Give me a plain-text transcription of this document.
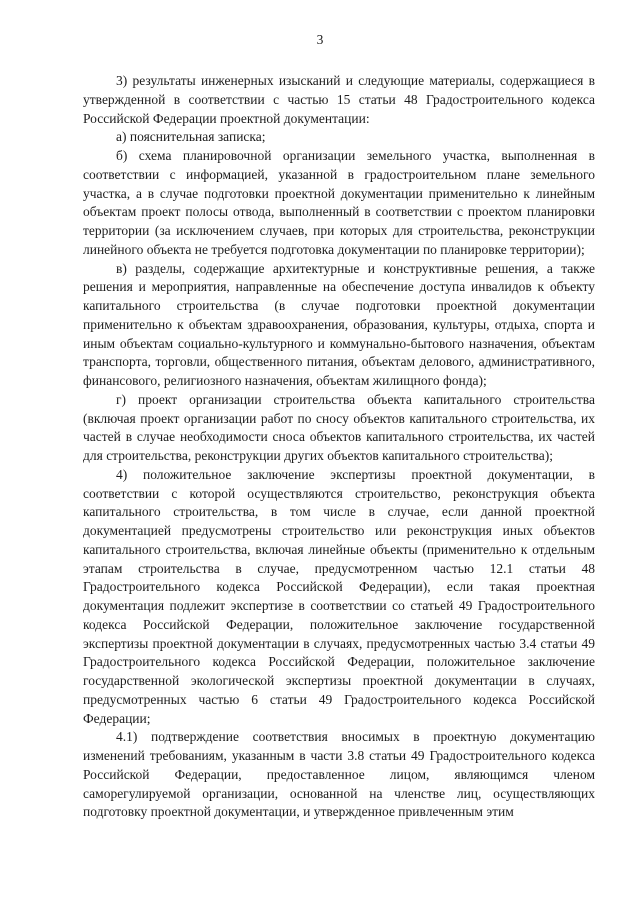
3

3) результаты инженерных изысканий и следующие материалы, содержащиеся в утвержденной в соответствии с частью 15 статьи 48 Градостроительного кодекса Российской Федерации проектной документации:

а) пояснительная записка;

б) схема планировочной организации земельного участка, выполненная в соответствии с информацией, указанной в градостроительном плане земельного участка, а в случае подготовки проектной документации применительно к линейным объектам проект полосы отвода, выполненный в соответствии с проектом планировки территории (за исключением случаев, при которых для строительства, реконструкции линейного объекта не требуется подготовка документации по планировке территории);

в) разделы, содержащие архитектурные и конструктивные решения, а также решения и мероприятия, направленные на обеспечение доступа инвалидов к объекту капитального строительства (в случае подготовки проектной документации применительно к объектам здравоохранения, образования, культуры, отдыха, спорта и иным объектам социально-культурного и коммунально-бытового назначения, объектам транспорта, торговли, общественного питания, объектам делового, административного, финансового, религиозного назначения, объектам жилищного фонда);

г) проект организации строительства объекта капитального строительства (включая проект организации работ по сносу объектов капитального строительства, их частей в случае необходимости сноса объектов капитального строительства, их частей для строительства, реконструкции других объектов капитального строительства);

4) положительное заключение экспертизы проектной документации, в соответствии с которой осуществляются строительство, реконструкция объекта капитального строительства, в том числе в случае, если данной проектной документацией предусмотрены строительство или реконструкция иных объектов капитального строительства, включая линейные объекты (применительно к отдельным этапам строительства в случае, предусмотренном частью 12.1 статьи 48 Градостроительного кодекса Российской Федерации), если такая проектная документация подлежит экспертизе в соответствии со статьей 49 Градостроительного кодекса Российской Федерации, положительное заключение государственной экспертизы проектной документации в случаях, предусмотренных частью 3.4 статьи 49 Градостроительного кодекса Российской Федерации, положительное заключение государственной экологической экспертизы проектной документации в случаях, предусмотренных частью 6 статьи 49 Градостроительного кодекса Российской Федерации;

4.1) подтверждение соответствия вносимых в проектную документацию изменений требованиям, указанным в части 3.8 статьи 49 Градостроительного кодекса Российской Федерации, предоставленное лицом, являющимся членом саморегулируемой организации, основанной на членстве лиц, осуществляющих подготовку проектной документации, и утвержденное привлеченным этим
